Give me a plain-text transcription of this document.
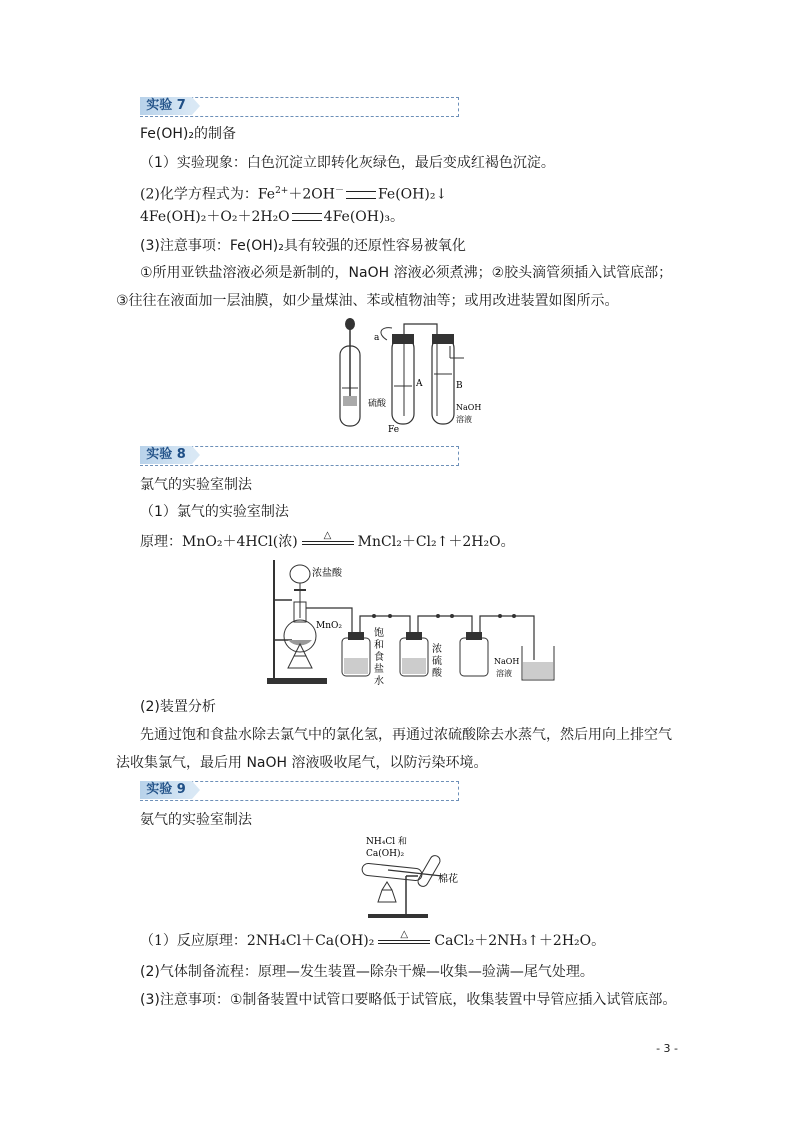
实验 7
Fe(OH)₂的制备
（1）实验现象：白色沉淀立即转化灰绿色，最后变成红褐色沉淀。
(2)化学方程式为：$Fe^{2+}+2OH^-$ Fe(OH)₂↓
4Fe(OH)₂＋O₂＋2H₂O 4Fe(OH)₃。
(3)注意事项：Fe(OH)₂具有较强的还原性容易被氧化
①所用亚铁盐溶液必须是新制的，NaOH 溶液必须煮沸；②胶头滴管须插入试管底部；③往往在液面加一层油膜，如少量煤油、苯或植物油等；或用改进装置如图所示。
a
A	B
硫酸
Fe
NaOH
溶液
实验 8
氯气的实验室制法
（1）氯气的实验室制法
原理：MnO₂＋4HCl(浓)	△ MnCl₂＋Cl₂↑＋2H₂O。
浓盐酸
MnO₂
饱
和
食
盐
水
浓
硫
酸
NaOH
溶液
(2)装置分析
先通过饱和食盐水除去氯气中的氯化氢，再通过浓硫酸除去水蒸气，然后用向上排空气法收集氯气，最后用 NaOH 溶液吸收尾气，以防污染环境。
实验 9
氨气的实验室制法
NH₄Cl 和
Ca(OH)₂
棉花
（1）反应原理：2NH₄Cl＋Ca(OH)₂	△ CaCl₂＋2NH₃↑＋2H₂O。
(2)气体制备流程：原理—发生装置—除杂干燥—收集—验满—尾气处理。
(3)注意事项：①制备装置中试管口要略低于试管底，收集装置中导管应插入试管底部。
- 3 -
